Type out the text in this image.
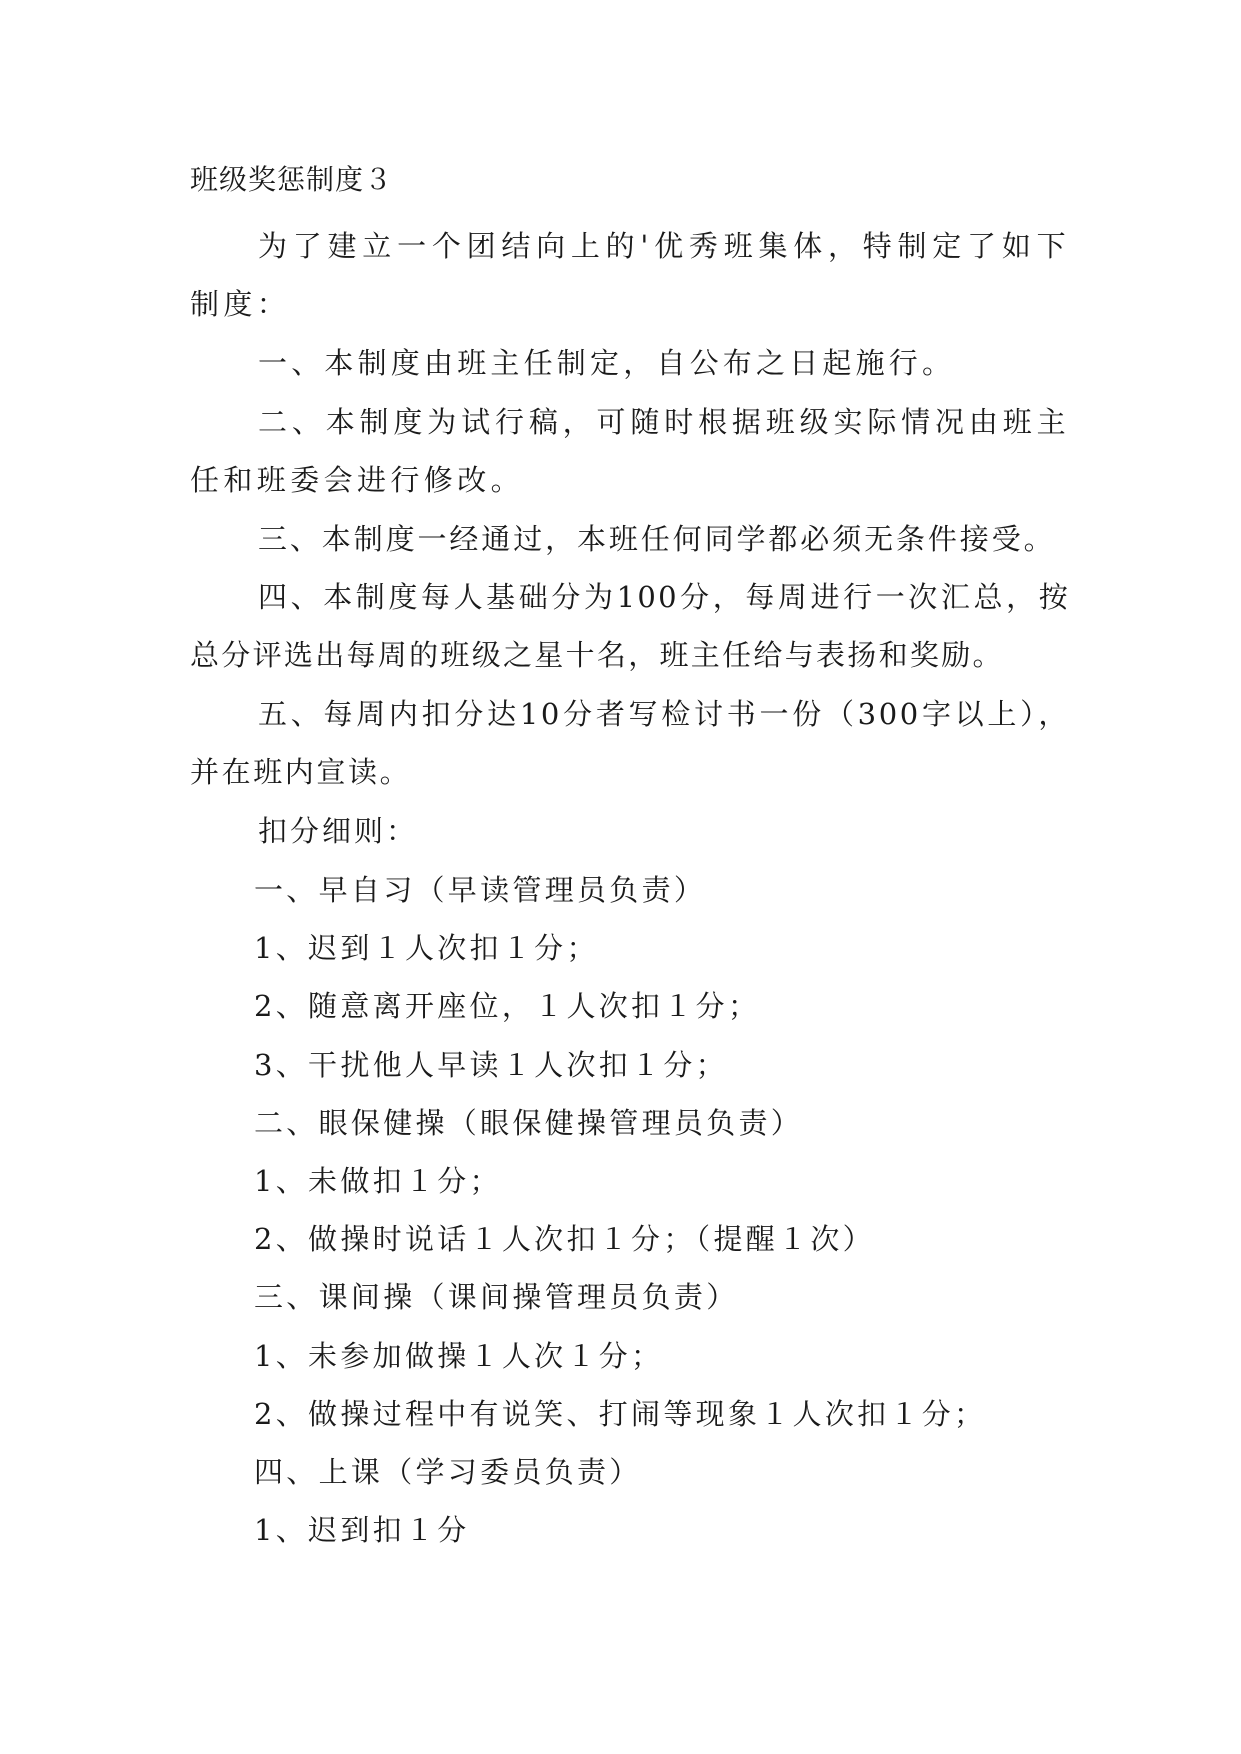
班级奖惩制度３

为了建立一个团结向上的'优秀班集体，特制定了如下制度：

一、本制度由班主任制定，自公布之日起施行。

二、本制度为试行稿，可随时根据班级实际情况由班主任和班委会进行修改。

三、本制度一经通过，本班任何同学都必须无条件接受。

四、本制度每人基础分为100分，每周进行一次汇总，按总分评选出每周的班级之星十名，班主任给与表扬和奖励。

五、每周内扣分达10分者写检讨书一份（300字以上），并在班内宣读。

扣分细则：

一、早自习（早读管理员负责）
1、迟到１人次扣１分；
2、随意离开座位，１人次扣１分；
3、干扰他人早读１人次扣１分；
二、眼保健操（眼保健操管理员负责）
1、未做扣１分；
2、做操时说话１人次扣１分；（提醒１次）
三、课间操（课间操管理员负责）
1、未参加做操１人次１分；
2、做操过程中有说笑、打闹等现象１人次扣１分；
四、上课（学习委员负责）
1、迟到扣１分
